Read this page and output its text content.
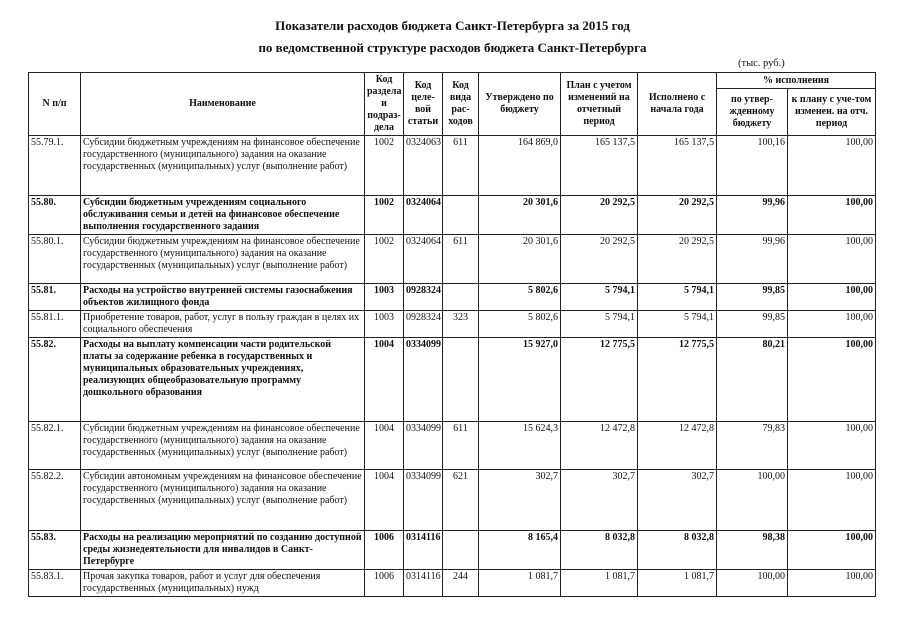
Показатели расходов бюджета Санкт-Петербурга за 2015 год
по ведомственной структуре расходов бюджета Санкт-Петербурга
(тыс. руб.)
N п/п	Наименование	Код раздела и подраз-дела	Код целе-вой статьи	Код вида рас-ходов	Утверждено по бюджету	План с учетом изменений на отчетный период	Исполнено с начала года	% исполнения	
								по утвер-жденному бюджету	к плану с уче-том изменен. на отч. период
55.79.1.	Субсидии бюджетным учреждениям на финансовое обеспечение государственного (муниципального) задания на оказание государственных (муниципальных) услуг (выполнение работ)	1002	0324063	611	164 869,0	165 137,5	165 137,5	100,16	100,00
55.80.	Субсидии бюджетным учреждениям социального обслуживания семьи и детей на финансовое обеспечение выполнения государственного задания	1002	0324064		20 301,6	20 292,5	20 292,5	99,96	100,00
55.80.1.	Субсидии бюджетным учреждениям на финансовое обеспечение государственного (муниципального) задания на оказание государственных (муниципальных) услуг (выполнение работ)	1002	0324064	611	20 301,6	20 292,5	20 292,5	99,96	100,00
55.81.	Расходы на устройство внутренней системы газоснабжения объектов жилищного фонда	1003	0928324		5 802,6	5 794,1	5 794,1	99,85	100,00
55.81.1.	Приобретение товаров, работ, услуг в пользу граждан в целях их социального обеспечения	1003	0928324	323	5 802,6	5 794,1	5 794,1	99,85	100,00
55.82.	Расходы на выплату компенсации части родительской платы за содержание ребенка в государственных и муниципальных образовательных учреждениях, реализующих общеобразовательную программу дошкольного образования	1004	0334099		15 927,0	12 775,5	12 775,5	80,21	100,00
55.82.1.	Субсидии бюджетным учреждениям на финансовое обеспечение государственного (муниципального) задания на оказание государственных (муниципальных) услуг (выполнение работ)	1004	0334099	611	15 624,3	12 472,8	12 472,8	79,83	100,00
55.82.2.	Субсидии автономным учреждениям на финансовое обеспечение государственного (муниципального) задания на оказание государственных (муниципальных) услуг (выполнение работ)	1004	0334099	621	302,7	302,7	302,7	100,00	100,00
55.83.	Расходы на реализацию мероприятий по созданию доступной среды жизнедеятельности для инвалидов в Санкт-Петербурге	1006	0314116		8 165,4	8 032,8	8 032,8	98,38	100,00
55.83.1.	Прочая закупка товаров, работ и услуг для обеспечения государственных (муниципальных) нужд	1006	0314116	244	1 081,7	1 081,7	1 081,7	100,00	100,00
